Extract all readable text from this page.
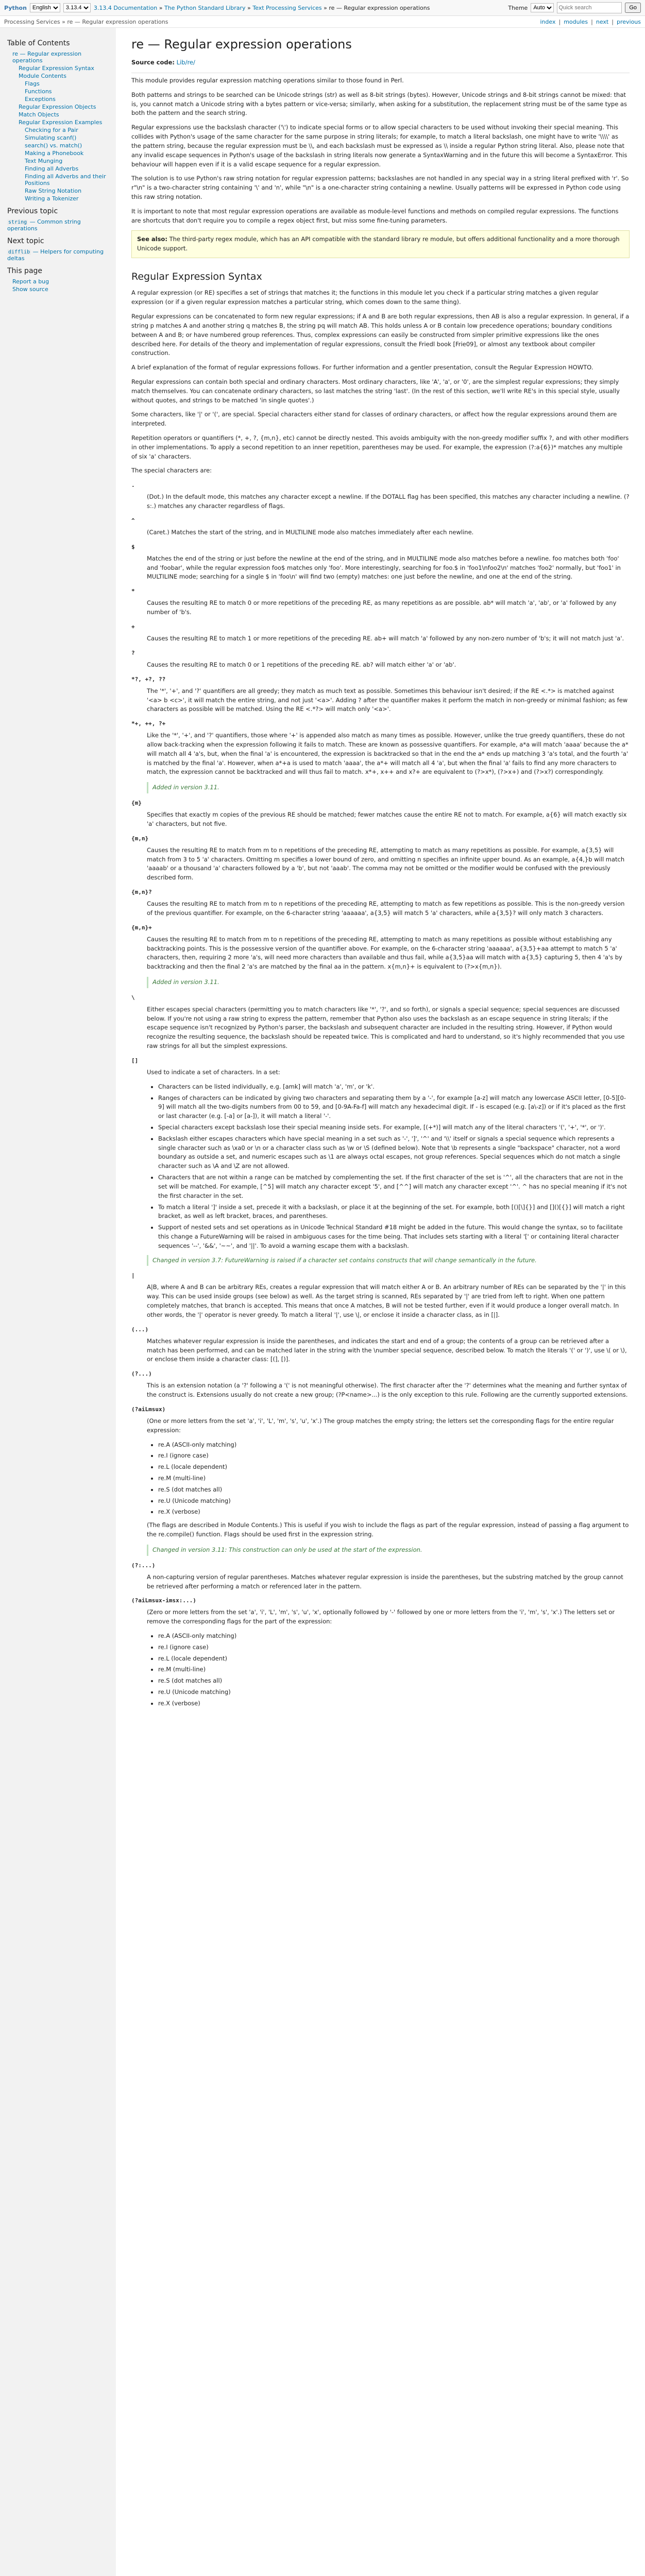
Python
English
3.13.4	3.13.4 Documentation » The Python Standard Library » Text Processing Services » re — Regular expression operations	Theme
Auto
Quick search	Go
Processing Services » re — Regular expression operations	index | modules | next | previous
Table of Contents
re — Regular expression operations
Regular Expression Syntax
Module Contents
Flags
Functions
Exceptions
Regular Expression Objects
Match Objects
Regular Expression Examples
Checking for a Pair
Simulating scanf()
search() vs. match()
Making a Phonebook
Text Munging
Finding all Adverbs
Finding all Adverbs and their Positions
Raw String Notation
Writing a Tokenizer
Previous topic

string — Common string operations

Next topic

difflib — Helpers for computing deltas

This page
Report a bug
Show source
re — Regular expression operations

Source code: Lib/re/

This module provides regular expression matching operations similar to those found in Perl.

Both patterns and strings to be searched can be Unicode strings (str) as well as 8-bit strings (bytes). However, Unicode strings and 8-bit strings cannot be mixed: that is, you cannot match a Unicode string with a bytes pattern or vice-versa; similarly, when asking for a substitution, the replacement string must be of the same type as both the pattern and the search string.

Regular expressions use the backslash character ('\') to indicate special forms or to allow special characters to be used without invoking their special meaning. This collides with Python's usage of the same character for the same purpose in string literals; for example, to match a literal backslash, one might have to write '\\\\' as the pattern string, because the regular expression must be \\, and each backslash must be expressed as \\ inside a regular Python string literal. Also, please note that any invalid escape sequences in Python's usage of the backslash in string literals now generate a SyntaxWarning and in the future this will become a SyntaxError. This behaviour will happen even if it is a valid escape sequence for a regular expression.

The solution is to use Python's raw string notation for regular expression patterns; backslashes are not handled in any special way in a string literal prefixed with 'r'. So r"\n" is a two-character string containing '\' and 'n', while "\n" is a one-character string containing a newline. Usually patterns will be expressed in Python code using this raw string notation.

It is important to note that most regular expression operations are available as module-level functions and methods on compiled regular expressions. The functions are shortcuts that don't require you to compile a regex object first, but miss some fine-tuning parameters.

See also: The third-party regex module, which has an API compatible with the standard library re module, but offers additional functionality and a more thorough Unicode support.
Regular Expression Syntax

A regular expression (or RE) specifies a set of strings that matches it; the functions in this module let you check if a particular string matches a given regular expression (or if a given regular expression matches a particular string, which comes down to the same thing).

Regular expressions can be concatenated to form new regular expressions; if A and B are both regular expressions, then AB is also a regular expression. In general, if a string p matches A and another string q matches B, the string pq will match AB. This holds unless A or B contain low precedence operations; boundary conditions between A and B; or have numbered group references. Thus, complex expressions can easily be constructed from simpler primitive expressions like the ones described here. For details of the theory and implementation of regular expressions, consult the Friedl book [Frie09], or almost any textbook about compiler construction.

A brief explanation of the format of regular expressions follows. For further information and a gentler presentation, consult the Regular Expression HOWTO.

Regular expressions can contain both special and ordinary characters. Most ordinary characters, like 'A', 'a', or '0', are the simplest regular expressions; they simply match themselves. You can concatenate ordinary characters, so last matches the string 'last'. (In the rest of this section, we'll write RE's in this special style, usually without quotes, and strings to be matched 'in single quotes'.)

Some characters, like '|' or '(', are special. Special characters either stand for classes of ordinary characters, or affect how the regular expressions around them are interpreted.

Repetition operators or quantifiers (*, +, ?, {m,n}, etc) cannot be directly nested. This avoids ambiguity with the non-greedy modifier suffix ?, and with other modifiers in other implementations. To apply a second repetition to an inner repetition, parentheses may be used. For example, the expression (?:a{6})* matches any multiple of six 'a' characters.

The special characters are:

.

(Dot.) In the default mode, this matches any character except a newline. If the DOTALL flag has been specified, this matches any character including a newline. (?s:.) matches any character regardless of flags.

^

(Caret.) Matches the start of the string, and in MULTILINE mode also matches immediately after each newline.

$

Matches the end of the string or just before the newline at the end of the string, and in MULTILINE mode also matches before a newline. foo matches both 'foo' and 'foobar', while the regular expression foo$ matches only 'foo'. More interestingly, searching for foo.$ in 'foo1\nfoo2\n' matches 'foo2' normally, but 'foo1' in MULTILINE mode; searching for a single $ in 'foo\n' will find two (empty) matches: one just before the newline, and one at the end of the string.

*

Causes the resulting RE to match 0 or more repetitions of the preceding RE, as many repetitions as are possible. ab* will match 'a', 'ab', or 'a' followed by any number of 'b's.

+

Causes the resulting RE to match 1 or more repetitions of the preceding RE. ab+ will match 'a' followed by any non-zero number of 'b's; it will not match just 'a'.

?

Causes the resulting RE to match 0 or 1 repetitions of the preceding RE. ab? will match either 'a' or 'ab'.

*?, +?, ??

The '*', '+', and '?' quantifiers are all greedy; they match as much text as possible. Sometimes this behaviour isn't desired; if the RE <.*> is matched against '<a> b <c>', it will match the entire string, and not just '<a>'. Adding ? after the quantifier makes it perform the match in non-greedy or minimal fashion; as few characters as possible will be matched. Using the RE <.*?> will match only '<a>'.

*+, ++, ?+

Like the '*', '+', and '?' quantifiers, those where '+' is appended also match as many times as possible. However, unlike the true greedy quantifiers, these do not allow back-tracking when the expression following it fails to match. These are known as possessive quantifiers. For example, a*a will match 'aaaa' because the a* will match all 4 'a's, but, when the final 'a' is encountered, the expression is backtracked so that in the end the a* ends up matching 3 'a's total, and the fourth 'a' is matched by the final 'a'. However, when a*+a is used to match 'aaaa', the a*+ will match all 4 'a', but when the final 'a' fails to find any more characters to match, the expression cannot be backtracked and will thus fail to match. x*+, x++ and x?+ are equivalent to (?>x*), (?>x+) and (?>x?) correspondingly.

Added in version 3.11.
{m}

Specifies that exactly m copies of the previous RE should be matched; fewer matches cause the entire RE not to match. For example, a{6} will match exactly six 'a' characters, but not five.

{m,n}

Causes the resulting RE to match from m to n repetitions of the preceding RE, attempting to match as many repetitions as possible. For example, a{3,5} will match from 3 to 5 'a' characters. Omitting m specifies a lower bound of zero, and omitting n specifies an infinite upper bound. As an example, a{4,}b will match 'aaaab' or a thousand 'a' characters followed by a 'b', but not 'aaab'. The comma may not be omitted or the modifier would be confused with the previously described form.

{m,n}?

Causes the resulting RE to match from m to n repetitions of the preceding RE, attempting to match as few repetitions as possible. This is the non-greedy version of the previous quantifier. For example, on the 6-character string 'aaaaaa', a{3,5} will match 5 'a' characters, while a{3,5}? will only match 3 characters.

{m,n}+

Causes the resulting RE to match from m to n repetitions of the preceding RE, attempting to match as many repetitions as possible without establishing any backtracking points. This is the possessive version of the quantifier above. For example, on the 6-character string 'aaaaaa', a{3,5}+aa attempt to match 5 'a' characters, then, requiring 2 more 'a's, will need more characters than available and thus fail, while a{3,5}aa will match with a{3,5} capturing 5, then 4 'a's by backtracking and then the final 2 'a's are matched by the final aa in the pattern. x{m,n}+ is equivalent to (?>x{m,n}).

Added in version 3.11.
\

Either escapes special characters (permitting you to match characters like '*', '?', and so forth), or signals a special sequence; special sequences are discussed below. If you're not using a raw string to express the pattern, remember that Python also uses the backslash as an escape sequence in string literals; if the escape sequence isn't recognized by Python's parser, the backslash and subsequent character are included in the resulting string. However, if Python would recognize the resulting sequence, the backslash should be repeated twice. This is complicated and hard to understand, so it's highly recommended that you use raw strings for all but the simplest expressions.

[]

Used to indicate a set of characters. In a set:

• Characters can be listed individually, e.g. [amk] will match 'a', 'm', or 'k'.
• Ranges of characters can be indicated by giving two characters and separating them by a '-', for example [a-z] will match any lowercase ASCII letter, [0-5][0-9] will match all the two-digits numbers from 00 to 59, and [0-9A-Fa-f] will match any hexadecimal digit. If - is escaped (e.g. [a\-z]) or if it's placed as the first or last character (e.g. [-a] or [a-]), it will match a literal '-'.
• Special characters except backslash lose their special meaning inside sets. For example, [(+*)] will match any of the literal characters '(', '+', '*', or ')'.
• Backslash either escapes characters which have special meaning in a set such as '-', ']', '^' and '\\' itself or signals a special sequence which represents a single character such as \xa0 or \n or a character class such as \w or \S (defined below). Note that \b represents a single "backspace" character, not a word boundary as outside a set, and numeric escapes such as \1 are always octal escapes, not group references. Special sequences which do not match a single character such as \A and \Z are not allowed.
• Characters that are not within a range can be matched by complementing the set. If the first character of the set is '^', all the characters that are not in the set will be matched. For example, [^5] will match any character except '5', and [^^] will match any character except '^'. ^ has no special meaning if it's not the first character in the set.
• To match a literal ']' inside a set, precede it with a backslash, or place it at the beginning of the set. For example, both [()[\]{}] and []()[{}] will match a right bracket, as well as left bracket, braces, and parentheses.
• Support of nested sets and set operations as in Unicode Technical Standard #18 might be added in the future. This would change the syntax, so to facilitate this change a FutureWarning will be raised in ambiguous cases for the time being. That includes sets starting with a literal '[' or containing literal character sequences '--', '&&', '~~', and '||'. To avoid a warning escape them with a backslash.
Changed in version 3.7: FutureWarning is raised if a character set contains constructs that will change semantically in the future.
|

A|B, where A and B can be arbitrary REs, creates a regular expression that will match either A or B. An arbitrary number of REs can be separated by the '|' in this way. This can be used inside groups (see below) as well. As the target string is scanned, REs separated by '|' are tried from left to right. When one pattern completely matches, that branch is accepted. This means that once A matches, B will not be tested further, even if it would produce a longer overall match. In other words, the '|' operator is never greedy. To match a literal '|', use \|, or enclose it inside a character class, as in [|].

(...)

Matches whatever regular expression is inside the parentheses, and indicates the start and end of a group; the contents of a group can be retrieved after a match has been performed, and can be matched later in the string with the \number special sequence, described below. To match the literals '(' or ')', use \( or \), or enclose them inside a character class: [(], [)].

(?...)

This is an extension notation (a '?' following a '(' is not meaningful otherwise). The first character after the '?' determines what the meaning and further syntax of the construct is. Extensions usually do not create a new group; (?P<name>...) is the only exception to this rule. Following are the currently supported extensions.

(?aiLmsux)

(One or more letters from the set 'a', 'i', 'L', 'm', 's', 'u', 'x'.) The group matches the empty string; the letters set the corresponding flags for the entire regular expression:

• re.A (ASCII-only matching)
• re.I (ignore case)
• re.L (locale dependent)
• re.M (multi-line)
• re.S (dot matches all)
• re.U (Unicode matching)
• re.X (verbose)

(The flags are described in Module Contents.) This is useful if you wish to include the flags as part of the regular expression, instead of passing a flag argument to the re.compile() function. Flags should be used first in the expression string.

Changed in version 3.11: This construction can only be used at the start of the expression.
(?:...)

A non-capturing version of regular parentheses. Matches whatever regular expression is inside the parentheses, but the substring matched by the group cannot be retrieved after performing a match or referenced later in the pattern.

(?aiLmsux-imsx:...)

(Zero or more letters from the set 'a', 'i', 'L', 'm', 's', 'u', 'x', optionally followed by '-' followed by one or more letters from the 'i', 'm', 's', 'x'.) The letters set or remove the corresponding flags for the part of the expression:

• re.A (ASCII-only matching)
• re.I (ignore case)
• re.L (locale dependent)
• re.M (multi-line)
• re.S (dot matches all)
• re.U (Unicode matching)
• re.X (verbose)
